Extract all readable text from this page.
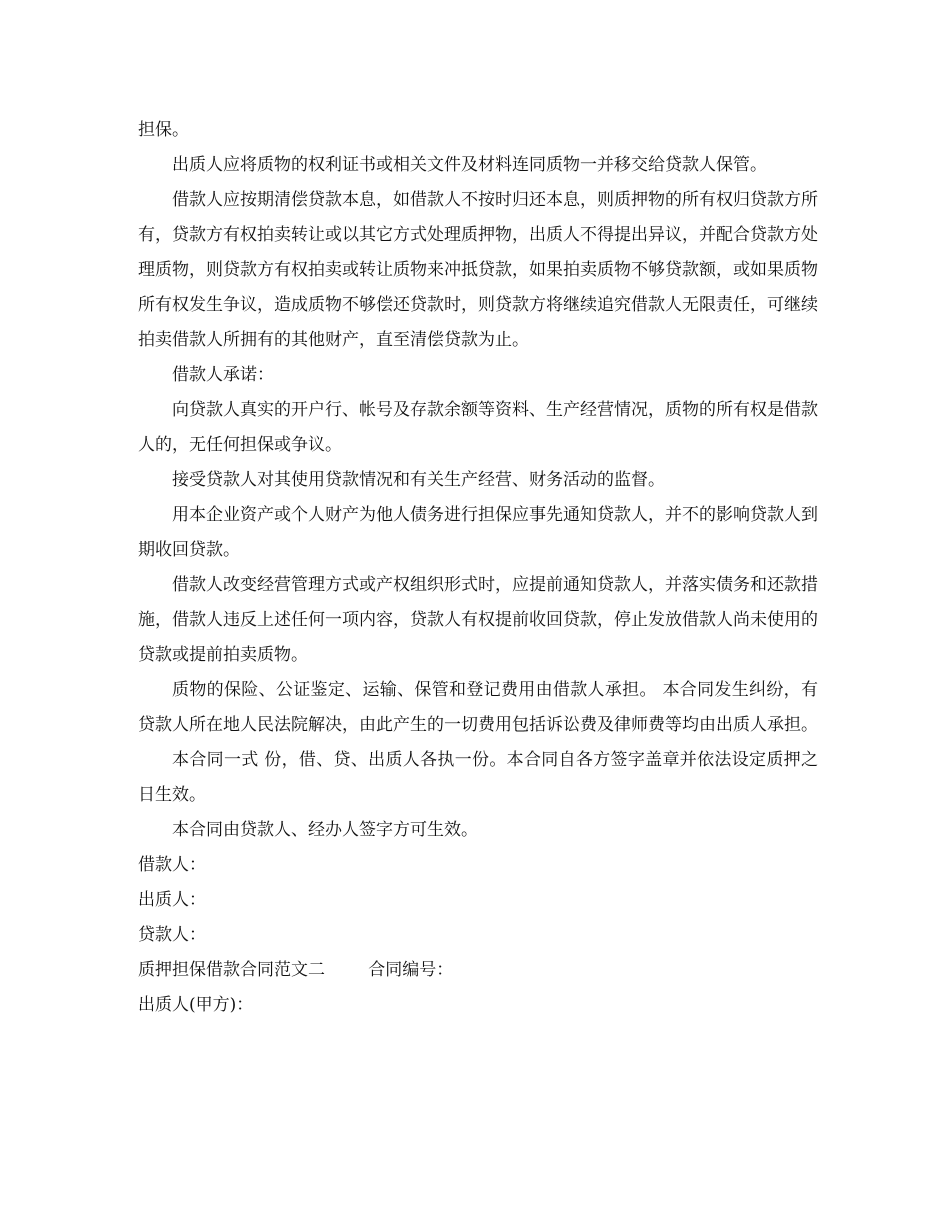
担保。

出质人应将质物的权利证书或相关文件及材料连同质物一并移交给贷款人保管。

借款人应按期清偿贷款本息，如借款人不按时归还本息，则质押物的所有权归贷款方所有，贷款方有权拍卖转让或以其它方式处理质押物，出质人不得提出异议，并配合贷款方处理质物，则贷款方有权拍卖或转让质物来冲抵贷款，如果拍卖质物不够贷款额，或如果质物所有权发生争议，造成质物不够偿还贷款时，则贷款方将继续追究借款人无限责任，可继续拍卖借款人所拥有的其他财产，直至清偿贷款为止。

借款人承诺：

向贷款人真实的开户行、帐号及存款余额等资料、生产经营情况，质物的所有权是借款人的，无任何担保或争议。

接受贷款人对其使用贷款情况和有关生产经营、财务活动的监督。

用本企业资产或个人财产为他人债务进行担保应事先通知贷款人，并不的影响贷款人到期收回贷款。

借款人改变经营管理方式或产权组织形式时，应提前通知贷款人，并落实债务和还款措施，借款人违反上述任何一项内容，贷款人有权提前收回贷款，停止发放借款人尚未使用的贷款或提前拍卖质物。

质物的保险、公证鉴定、运输、保管和登记费用由借款人承担。 本合同发生纠纷，有贷款人所在地人民法院解决，由此产生的一切费用包括诉讼费及律师费等均由出质人承担。

本合同一式 份，借、贷、出质人各执一份。本合同自各方签字盖章并依法设定质押之日生效。

本合同由贷款人、经办人签字方可生效。

借款人：

出质人：

贷款人：

质押担保借款合同范文二	合同编号：

出质人(甲方)：
